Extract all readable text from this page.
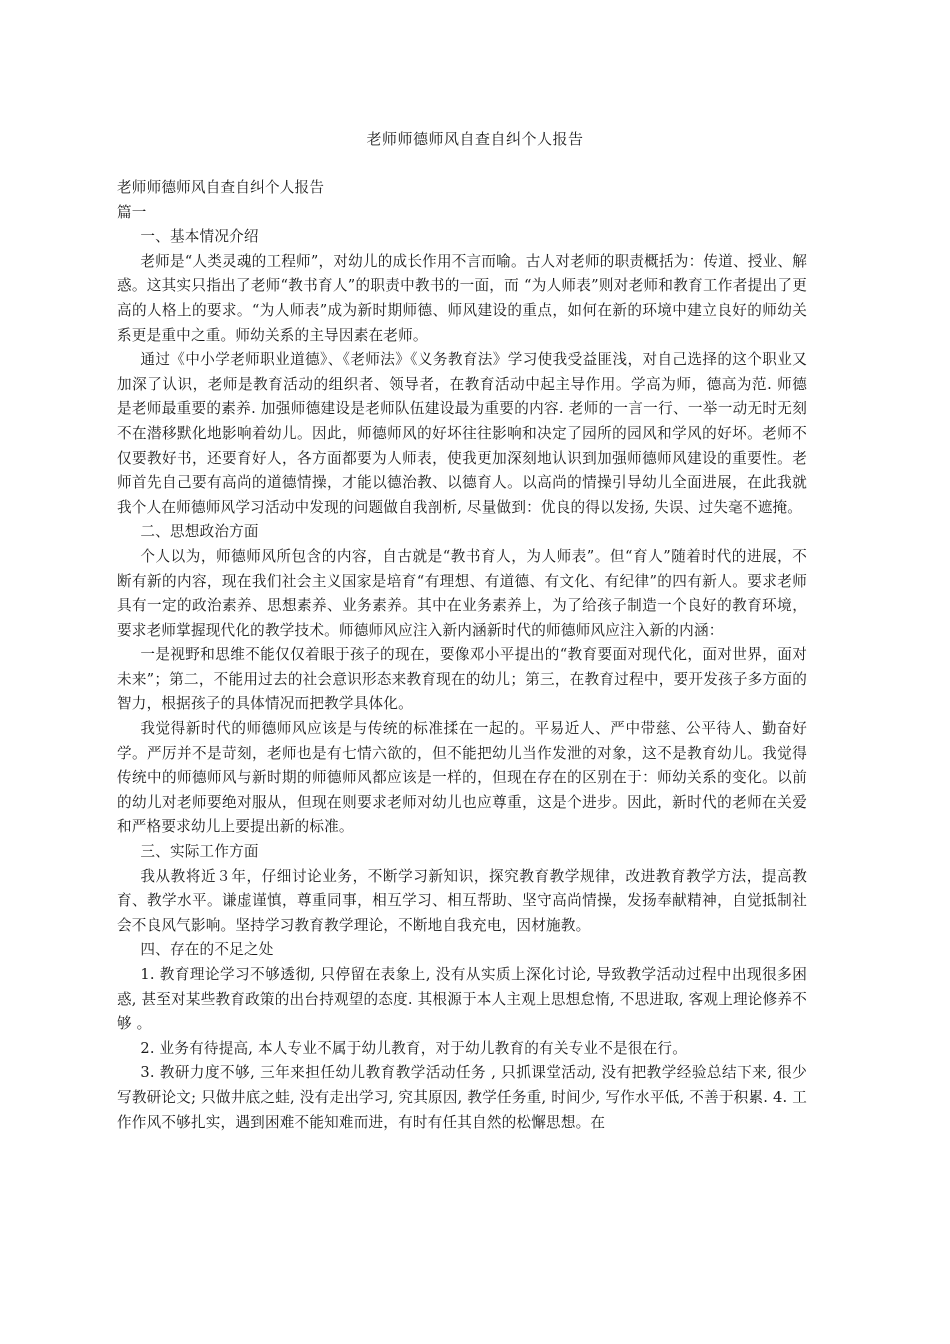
老师师德师风自查自纠个人报告

老师师德师风自查自纠个人报告

篇一

一、基本情况介绍

老师是“人类灵魂的工程师”，对幼儿的成长作用不言而喻。古人对老师的职责概括为：传道、授业、解惑。这其实只指出了老师“教书育人”的职责中教书的一面，而 “为人师表”则对老师和教育工作者提出了更高的人格上的要求。“为人师表”成为新时期师德、师风建设的重点，如何在新的环境中建立良好的师幼关系更是重中之重。师幼关系的主导因素在老师。

通过《中小学老师职业道德》、《老师法》《义务教育法》学习使我受益匪浅，对自己选择的这个职业又加深了认识，老师是教育活动的组织者、领导者，在教育活动中起主导作用。学高为师，德高为范. 师德是老师最重要的素养. 加强师德建设是老师队伍建设最为重要的内容. 老师的一言一行、一举一动无时无刻不在潜移默化地影响着幼儿。因此，师德师风的好坏往往影响和决定了园所的园风和学风的好坏。老师不仅要教好书，还要育好人，各方面都要为人师表，使我更加深刻地认识到加强师德师风建设的重要性。老师首先自己要有高尚的道德情操，才能以德治教、以德育人。以高尚的情操引导幼儿全面进展，在此我就我个人在师德师风学习活动中发现的问题做自我剖析, 尽量做到：优良的得以发扬, 失误、过失毫不遮掩。

二、思想政治方面

个人以为，师德师风所包含的内容，自古就是“教书育人，为人师表”。但“育人”随着时代的进展，不断有新的内容，现在我们社会主义国家是培育“有理想、有道德、有文化、有纪律”的四有新人。要求老师具有一定的政治素养、思想素养、业务素养。其中在业务素养上，为了给孩子制造一个良好的教育环境，要求老师掌握现代化的教学技术。师德师风应注入新内涵新时代的师德师风应注入新的内涵：

一是视野和思维不能仅仅着眼于孩子的现在，要像邓小平提出的“教育要面对现代化，面对世界，面对未来”；第二，不能用过去的社会意识形态来教育现在的幼儿；第三，在教育过程中，要开发孩子多方面的智力，根据孩子的具体情况而把教学具体化。

我觉得新时代的师德师风应该是与传统的标准揉在一起的。平易近人、严中带慈、公平待人、勤奋好学。严厉并不是苛刻，老师也是有七情六欲的，但不能把幼儿当作发泄的对象，这不是教育幼儿。我觉得传统中的师德师风与新时期的师德师风都应该是一样的，但现在存在的区别在于：师幼关系的变化。以前的幼儿对老师要绝对服从，但现在则要求老师对幼儿也应尊重，这是个进步。因此，新时代的老师在关爱和严格要求幼儿上要提出新的标准。

三、实际工作方面

我从教将近３年，仔细讨论业务，不断学习新知识，探究教育教学规律，改进教育教学方法，提高教育、教学水平。谦虚谨慎，尊重同事，相互学习、相互帮助、坚守高尚情操，发扬奉献精神，自觉抵制社会不良风气影响。坚持学习教育教学理论，不断地自我充电，因材施教。

四、存在的不足之处

1. 教育理论学习不够透彻, 只停留在表象上, 没有从实质上深化讨论, 导致教学活动过程中出现很多困惑, 甚至对某些教育政策的出台持观望的态度. 其根源于本人主观上思想怠惰, 不思进取, 客观上理论修养不够 。

2. 业务有待提高, 本人专业不属于幼儿教育，对于幼儿教育的有关专业不是很在行。

3. 教研力度不够, 三年来担任幼儿教育教学活动任务 , 只抓课堂活动, 没有把教学经验总结下来, 很少写教研论文; 只做井底之蛙, 没有走出学习, 究其原因, 教学任务重, 时间少, 写作水平低, 不善于积累. 4. 工作作风不够扎实，遇到困难不能知难而进，有时有任其自然的松懈思想。在
